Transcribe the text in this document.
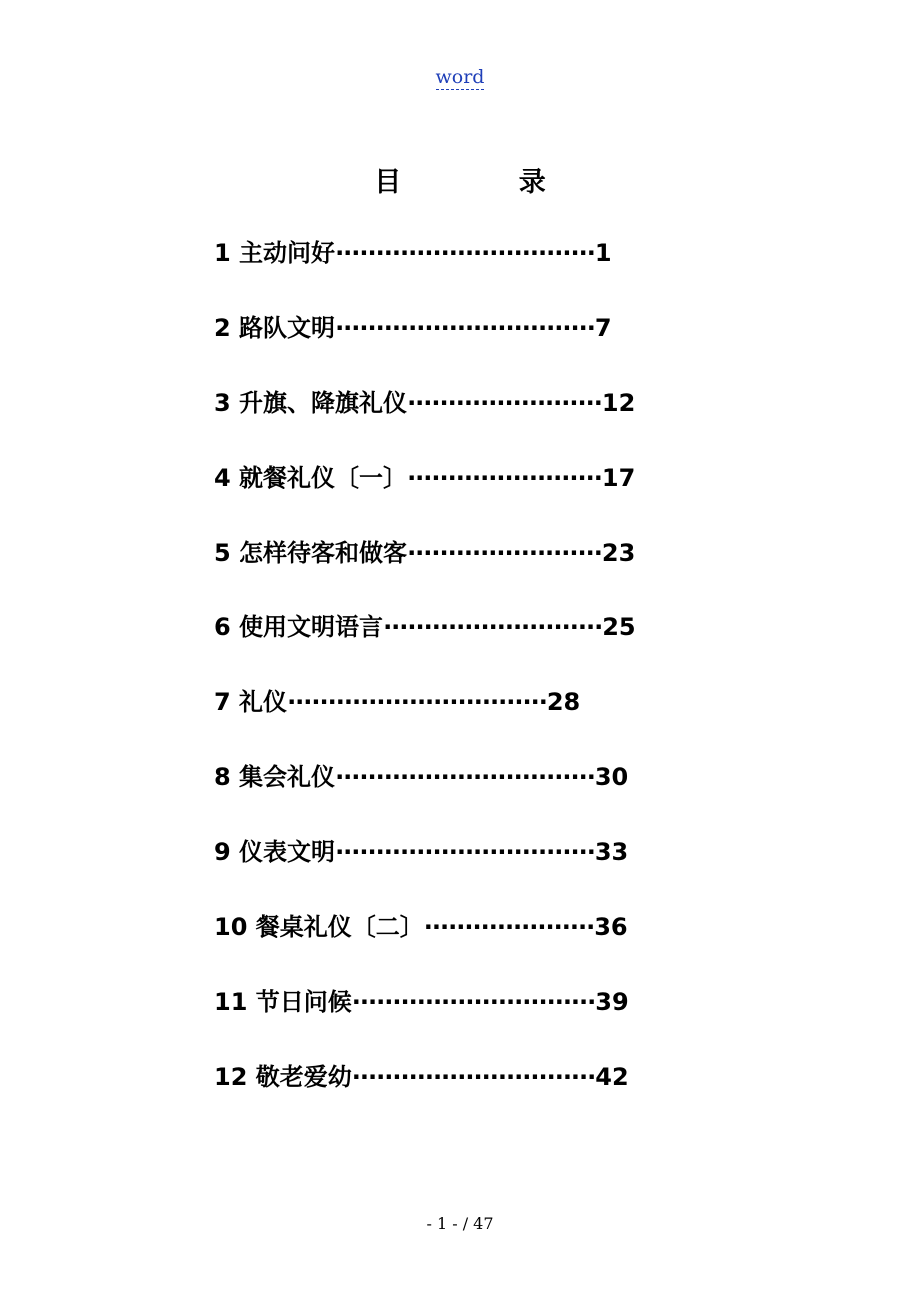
word
目 录
1 主动问好 ································ 1
2 路队文明 ································ 7
3 升旗、降旗礼仪 ························ 12
4 就餐礼仪〔一〕 ························ 17
5 怎样待客和做客 ························ 23
6 使用文明语言 ··························· 25
7 礼仪 ································ 28
8 集会礼仪 ································ 30
9 仪表文明 ································ 33
10 餐桌礼仪〔二〕 ····················· 36
11 节日问候 ······························ 39
12 敬老爱幼 ······························ 42
- 1 - / 47
